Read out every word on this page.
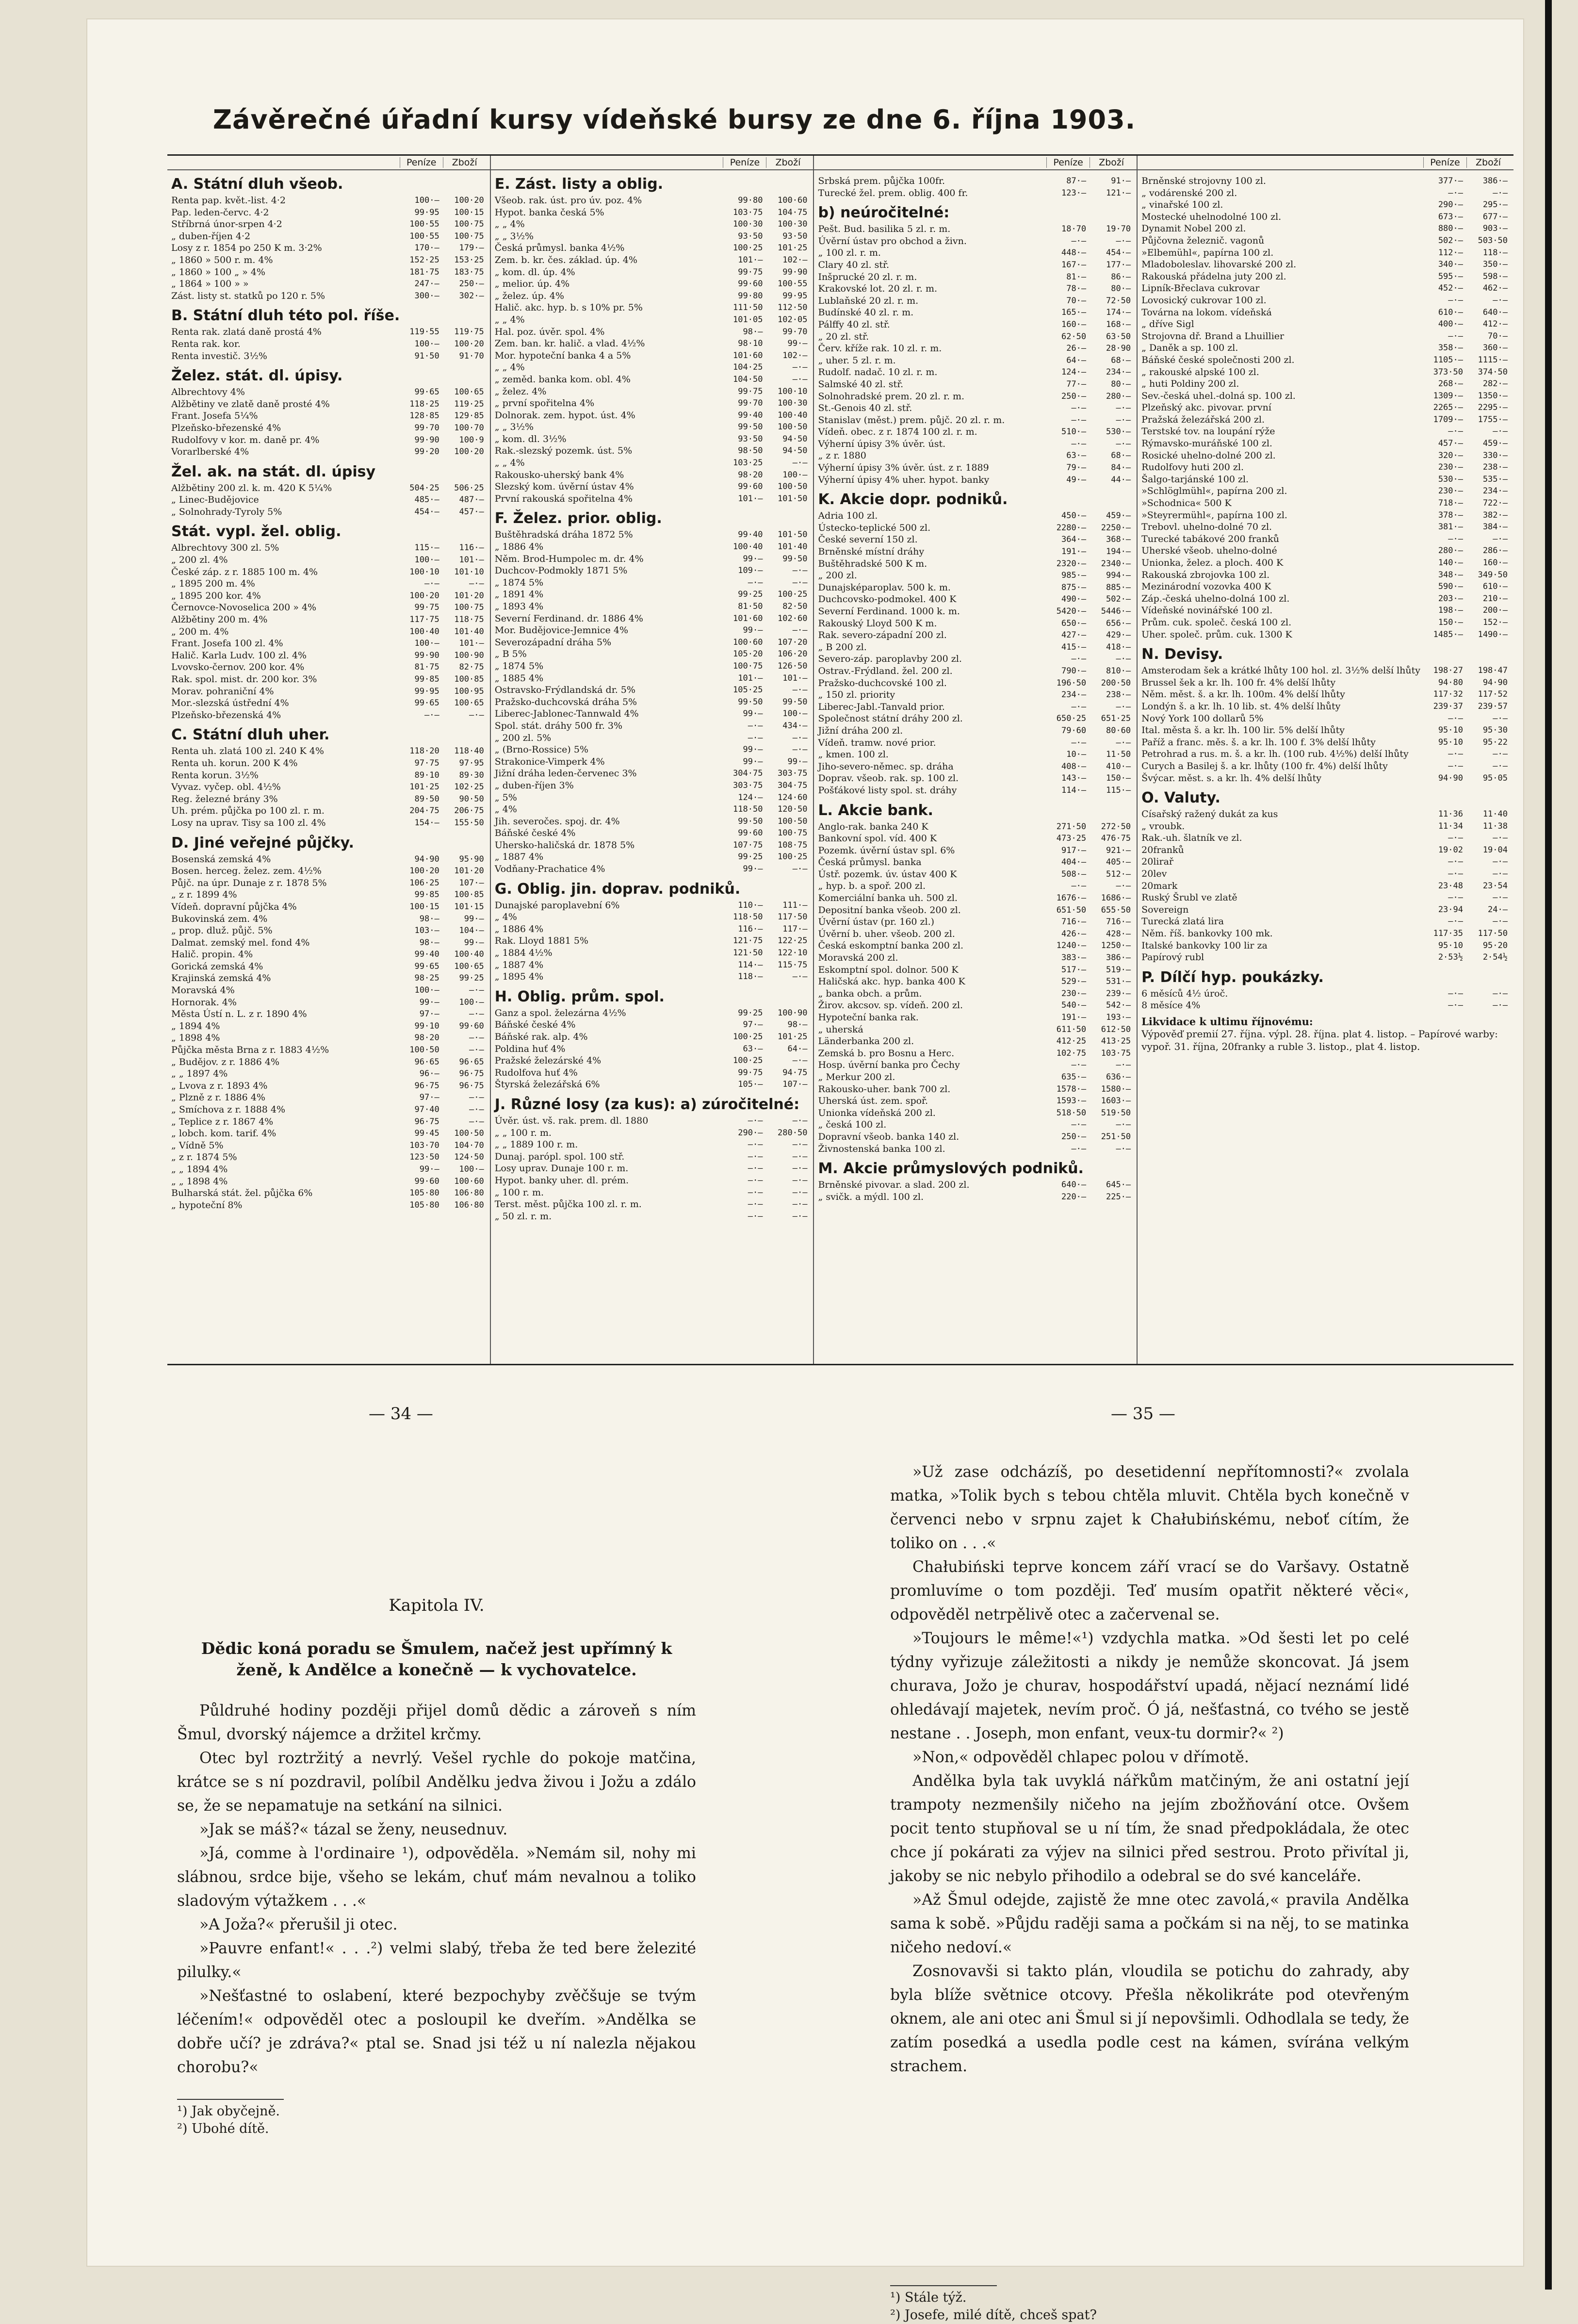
Závěrečné úřadní kursy vídeňské bursy ze dne 6. října 1903.
Peníze	Zboží
A. Státní dluh všeob.
Renta pap. květ.-list. 4·2	100·–	100·20
Pap. leden-červc. 4·2	99·95	100·15
Stříbrná únor-srpen 4·2	100·55	100·75
„ duben-říjen 4·2	100·55	100·75
Losy z r. 1854 po 250 K m. 3·2%	170·–	179·–
„ 1860 » 500 r. m. 4%	152·25	153·25
„ 1860 » 100 „ » 4%	181·75	183·75
„ 1864 » 100 » »	247·–	250·–
Zást. listy st. statků po 120 r. 5%	300·–	302·–
B. Státní dluh této pol. říše.
Renta rak. zlatá daně prostá 4%	119·55	119·75
Renta rak. kor.	100·–	100·20
Renta investič. 3½%	91·50	91·70
Želez. stát. dl. úpisy.
Albrechtovy 4%	99·65	100·65
Alžbětiny ve zlatě daně prosté 4%	118·25	119·25
Frant. Josefa 5¼%	128·85	129·85
Plzeňsko-březenské 4%	99·70	100·70
Rudolfovy v kor. m. daně pr. 4%	99·90	100·9
Vorarlberské 4%	99·20	100·20
Žel. ak. na stát. dl. úpisy
Alžbětiny 200 zl. k. m. 420 K 5¼%	504·25	506·25
„ Linec-Budějovice	485·–	487·–
„ Solnohrady-Tyroly 5%	454·–	457·–
Stát. vypl. žel. oblig.
Albrechtovy 300 zl. 5%	115·–	116·–
„ 200 zl. 4%	100·–	101·–
České záp. z r. 1885 100 m. 4%	100·10	101·10
„ 1895 200 m. 4%	–·–	–·–
„ 1895 200 kor. 4%	100·20	101·20
Černovce-Novoselica 200 » 4%	99·75	100·75
Alžbětiny 200 m. 4%	117·75	118·75
„ 200 m. 4%	100·40	101·40
Frant. Josefa 100 zl. 4%	100·–	101·–
Halič. Karla Ludv. 100 zl. 4%	99·90	100·90
Lvovsko-černov. 200 kor. 4%	81·75	82·75
Rak. spol. mist. dr. 200 kor. 3%	99·85	100·85
Morav. pohraniční 4%	99·95	100·95
Mor.-slezská ústřední 4%	99·65	100·65
Plzeňsko-březenská 4%	–·–	–·–
C. Státní dluh uher.
Renta uh. zlatá 100 zl. 240 K 4%	118·20	118·40
Renta uh. korun. 200 K 4%	97·75	97·95
Renta korun. 3½%	89·10	89·30
Vyvaz. vyčep. obl. 4½%	101·25	102·25
Reg. železné brány 3%	89·50	90·50
Uh. prém. půjčka po 100 zl. r. m.	204·75	206·75
Losy na uprav. Tisy sa 100 zl. 4%	154·–	155·50
D. Jiné veřejné půjčky.
Bosenská zemská 4%	94·90	95·90
Bosen. herceg. želez. zem. 4½%	100·20	101·20
Půjč. na úpr. Dunaje z r. 1878 5%	106·25	107·–
„ z r. 1899 4%	99·85	100·85
Vídeň. dopravní půjčka 4%	100·15	101·15
Bukovinská zem. 4%	98·–	99·–
„ prop. dluž. půjč. 5%	103·–	104·–
Dalmat. zemský mel. fond 4%	98·–	99·–
Halič. propin. 4%	99·40	100·40
Gorická zemská 4%	99·65	100·65
Krajinská zemská 4%	98·25	99·25
Moravská 4%	100·–	–·–
Hornorak. 4%	99·–	100·–
Města Ústí n. L. z r. 1890 4%	97·–	–·–
„ 1894 4%	99·10	99·60
„ 1898 4%	98·20	–·–
Půjčka města Brna z r. 1883 4½%	100·50	–·–
„ Budějov. z r. 1886 4%	96·65	96·65
„ „ 1897 4%	96·–	96·75
„ Lvova z r. 1893 4%	96·75	96·75
„ Plzně z r. 1886 4%	97·–	–·–
„ Smíchova z r. 1888 4%	97·40	–·–
„ Teplice z r. 1867 4%	96·75	–·–
„ lobch. kom. tarif. 4%	99·45	100·50
„ Vídně 5%	103·70	104·70
„ z r. 1874 5%	123·50	124·50
„ „ 1894 4%	99·–	100·–
„ „ 1898 4%	99·60	100·60
Bulharská stát. žel. půjčka 6%	105·80	106·80
„ hypoteční 8%	105·80	106·80
Peníze	Zboží
E. Zást. listy a oblig.
Všeob. rak. úst. pro úv. poz. 4%	99·80	100·60
Hypot. banka česká 5%	103·75	104·75
„ „ 4%	100·30	100·30
„ „ 3½%	93·50	93·50
Česká průmysl. banka 4½%	100·25	101·25
Zem. b. kr. čes. základ. úp. 4%	101·–	102·–
„ kom. dl. úp. 4%	99·75	99·90
„ melior. úp. 4%	99·60	100·55
„ želez. úp. 4%	99·80	99·95
Halič. akc. hyp. b. s 10% pr. 5%	111·50	112·50
„ „ 4%	101·05	102·05
Hal. poz. úvěr. spol. 4%	98·–	99·70
Zem. ban. kr. halič. a vlad. 4½%	98·10	99·–
Mor. hypoteční banka 4 a 5%	101·60	102·–
„ „ 4%	104·25	–·–
„ zeměd. banka kom. obl. 4%	104·50	–·–
„ želez. 4%	99·75	100·10
„ první spořitelna 4%	99·70	100·30
Dolnorak. zem. hypot. úst. 4%	99·40	100·40
„ „ 3½%	99·50	100·50
„ kom. dl. 3½%	93·50	94·50
Rak.-slezský pozemk. úst. 5%	98·50	94·50
„ „ 4%	103·25	–·–
Rakousko-uherský bank 4%	98·20	100·–
Slezský kom. úvěrní ústav 4%	99·60	100·50
První rakouská spořitelna 4%	101·–	101·50
F. Želez. prior. oblig.
Buštěhradská dráha 1872 5%	99·40	101·50
„ 1886 4%	100·40	101·40
Něm. Brod-Humpolec m. dr. 4%	99·–	99·50
Duchcov-Podmokly 1871 5%	109·–	–·–
„ 1874 5%	–·–	–·–
„ 1891 4%	99·25	100·25
„ 1893 4%	81·50	82·50
Severní Ferdinand. dr. 1886 4%	101·60	102·60
Mor. Budějovice-Jemnice 4%	99·–	–·–
Severozápadní dráha 5%	100·60	107·20
„ B 5%	105·20	106·20
„ 1874 5%	100·75	126·50
„ 1885 4%	101·–	101·–
Ostravsko-Frýdlandská dr. 5%	105·25	–·–
Pražsko-duchcovská dráha 5%	99·50	99·50
Liberec-Jablonec-Tannwald 4%	99·–	100·–
Spol. stát. dráhy 500 fr. 3%	–·–	434·–
„ 200 zl. 5%	–·–	–·–
„ (Brno-Rossice) 5%	99·–	–·–
Strakonice-Vimperk 4%	99·–	99·–
Jižní dráha leden-červenec 3%	304·75	303·75
„ duben-říjen 3%	303·75	304·75
„ 5%	124·–	124·60
„ 4%	118·50	120·50
Jih. severočes. spoj. dr. 4%	99·50	100·50
Báňské české 4%	99·60	100·75
Uhersko-haličská dr. 1878 5%	107·75	108·75
„ 1887 4%	99·25	100·25
Vodňany-Prachatice 4%	99·–	–·–
G. Oblig. jin. doprav. podniků.
Dunajské paroplavební 6%	110·–	111·–
„ 4%	118·50	117·50
„ 1886 4%	116·–	117·–
Rak. Lloyd 1881 5%	121·75	122·25
„ 1884 4½%	121·50	122·10
„ 1887 4%	114·–	115·75
„ 1895 4%	118·–	–·–
H. Oblig. prům. spol.
Ganz a spol. železárna 4½%	99·25	100·90
Báňské české 4%	97·–	98·–
Báňské rak. alp. 4%	100·25	101·25
Poldina huť 4%	63·–	64·–
Pražské železárské 4%	100·25	–·–
Rudolfova huť 4%	99·75	94·75
Štyrská železářská 6%	105·–	107·–
J. Různé losy (za kus): a) zúročitelné:
Úvěr. úst. vš. rak. prem. dl. 1880	–·–	–·–
„ „ 100 r. m.	290·–	280·50
„ „ 1889 100 r. m.	–·–	–·–
Dunaj. parópl. spol. 100 stř.	–·–	–·–
Losy uprav. Dunaje 100 r. m.	–·–	–·–
Hypot. banky uher. dl. prém.	–·–	–·–
„ 100 r. m.	–·–	–·–
Terst. měst. půjčka 100 zl. r. m.	–·–	–·–
„ 50 zl. r. m.	–·–	–·–
Peníze	Zboží
Srbská prem. půjčka 100fr.	87·–	91·–
Turecké žel. prem. oblig. 400 fr.	123·–	121·–
b) neúročitelné:
Pešt. Bud. basilika 5 zl. r. m.	18·70	19·70
Úvěrní ústav pro obchod a živn.	–·–	–·–
„ 100 zl. r. m.	448·–	454·–
Clary 40 zl. stř.	167·–	177·–
Inšprucké 20 zl. r. m.	81·–	86·–
Krakovské lot. 20 zl. r. m.	78·–	80·–
Lublaňské 20 zl. r. m.	70·–	72·50
Budínské 40 zl. r. m.	165·–	174·–
Pálffy 40 zl. stř.	160·–	168·–
„ 20 zl. stř.	62·50	63·50
Červ. kříže rak. 10 zl. r. m.	26·–	28·90
„ uher. 5 zl. r. m.	64·–	68·–
Rudolf. nadač. 10 zl. r. m.	124·–	234·–
Salmské 40 zl. stř.	77·–	80·–
Solnohradské prem. 20 zl. r. m.	250·–	280·–
St.-Genois 40 zl. stř.	–·–	–·–
Stanislav (měst.) prem. půjč. 20 zl. r. m.	–·–	–·–
Vídeň. obec. z r. 1874 100 zl. r. m.	510·–	530·–
Výherní úpisy 3% úvěr. úst.	–·–	–·–
„ z r. 1880	63·–	68·–
Výherní úpisy 3% úvěr. úst. z r. 1889	79·–	84·–
Výherní úpisy 4% uher. hypot. banky	49·–	44·–
K. Akcie dopr. podniků.
Adria 100 zl.	450·–	459·–
Ústecko-teplické 500 zl.	2280·–	2250·–
České severní 150 zl.	364·–	368·–
Brněnské místní dráhy	191·–	194·–
Buštěhradské 500 K m.	2320·–	2340·–
„ 200 zl.	985·–	994·–
Dunajsképaroplav. 500 k. m.	875·–	885·–
Duchcovsko-podmokel. 400 K	490·–	502·–
Severní Ferdinand. 1000 k. m.	5420·–	5446·–
Rakouský Lloyd 500 K m.	650·–	656·–
Rak. severo-západní 200 zl.	427·–	429·–
„ B 200 zl.	415·–	418·–
Severo-záp. paroplavby 200 zl.	–·–	–·–
Ostrav.-Frýdland. žel. 200 zl.	790·–	810·–
Pražsko-duchcovské 100 zl.	196·50	200·50
„ 150 zl. priority	234·–	238·–
Liberec-Jabl.-Tanvald prior.	–·–	–·–
Společnost státní dráhy 200 zl.	650·25	651·25
Jižní dráha 200 zl.	79·60	80·60
Vídeň. tramw. nové prior.	–·–	–·–
„ kmen. 100 zl.	10·–	11·50
Jiho-severo-němec. sp. dráha	408·–	410·–
Doprav. všeob. rak. sp. 100 zl.	143·–	150·–
Pošťákové listy spol. st. dráhy	114·–	115·–
L. Akcie bank.
Anglo-rak. banka 240 K	271·50	272·50
Bankovní spol. víd. 400 K	473·25	476·75
Pozemk. úvěrní ústav spl. 6%	917·–	921·–
Česká průmysl. banka	404·–	405·–
Ústř. pozemk. úv. ústav 400 K	508·–	512·–
„ hyp. b. a spoř. 200 zl.	–·–	–·–
Komerciální banka uh. 500 zl.	1676·–	1686·–
Depositní banka všeob. 200 zl.	651·50	655·50
Úvěrní ústav (pr. 160 zl.)	716·–	716·–
Úvěrní b. uher. všeob. 200 zl.	426·–	428·–
Česká eskomptní banka 200 zl.	1240·–	1250·–
Moravská 200 zl.	383·–	386·–
Eskomptní spol. dolnor. 500 K	517·–	519·–
Haličská akc. hyp. banka 400 K	529·–	531·–
„ banka obch. a prům.	230·–	239·–
Žirov. akcsov. sp. vídeň. 200 zl.	540·–	542·–
Hypoteční banka rak.	191·–	193·–
„ uherská	611·50	612·50
Länderbanka 200 zl.	412·25	413·25
Zemská b. pro Bosnu a Herc.	102·75	103·75
Hosp. úvěrní banka pro Čechy	–·–	–·–
„ Merkur 200 zl.	635·–	636·–
Rakousko-uher. bank 700 zl.	1578·–	1580·–
Uherská úst. zem. spoř.	1593·–	1603·–
Unionka vídeňská 200 zl.	518·50	519·50
„ česká 100 zl.	–·–	–·–
Dopravní všeob. banka 140 zl.	250·–	251·50
Živnostenská banka 100 zl.	–·–	–·–
M. Akcie průmyslových podniků.
Brněnské pivovar. a slad. 200 zl.	640·–	645·–
„ svičk. a mýdl. 100 zl.	220·–	225·–
Peníze	Zboží
Brněnské strojovny 100 zl.	377·–	386·–
„ vodárenské 200 zl.	–·–	–·–
„ vinařské 100 zl.	290·–	295·–
Mostecké uhelnodolné 100 zl.	673·–	677·–
Dynamit Nobel 200 zl.	880·–	903·–
Půjčovna železnič. vagonů	502·–	503·50
»Elbemühl«, papírna 100 zl.	112·–	118·–
Mladoboleslav. lihovarské 200 zl.	340·–	350·–
Rakouská přádelna juty 200 zl.	595·–	598·–
Lipník-Břeclava cukrovar	452·–	462·–
Lovosický cukrovar 100 zl.	–·–	–·–
Továrna na lokom. vídeňská	610·–	640·–
„ dříve Sigl	400·–	412·–
Strojovna dř. Brand a Lhuillier	–·–	70·–
„ Daněk a sp. 100 zl.	358·–	360·–
Báňské české společnosti 200 zl.	1105·–	1115·–
„ rakouské alpské 100 zl.	373·50	374·50
„ huti Poldiny 200 zl.	268·–	282·–
Sev.-česká uhel.-dolná sp. 100 zl.	1309·–	1350·–
Plzeňský akc. pivovar. první	2265·–	2295·–
Pražská železářská 200 zl.	1709·–	1755·–
Terstské tov. na loupání rýže	–·–	–·–
Rýmavsko-muráňské 100 zl.	457·–	459·–
Rosické uhelno-dolné 200 zl.	320·–	330·–
Rudolfovy huti 200 zl.	230·–	238·–
Šalgo-tarjánské 100 zl.	530·–	535·–
»Schlöglmühl«, papírna 200 zl.	230·–	234·–
»Schodnica« 500 K	718·–	722·–
»Steyrermühl«, papírna 100 zl.	378·–	382·–
Trebovl. uhelno-dolné 70 zl.	381·–	384·–
Turecké tabákové 200 franků	–·–	–·–
Uherské všeob. uhelno-dolné	280·–	286·–
Unionka, želez. a ploch. 400 K	140·–	160·–
Rakouská zbrojovka 100 zl.	348·–	349·50
Mezinárodní vozovka 400 K	590·–	610·–
Záp.-česká uhelno-dolná 100 zl.	203·–	210·–
Vídeňské novinářské 100 zl.	198·–	200·–
Prům. cuk. společ. česká 100 zl.	150·–	152·–
Uher. společ. prům. cuk. 1300 K	1485·–	1490·–
N. Devisy.
Amsterodam šek a krátké lhůty 100 hol. zl. 3½% delší lhůty	198·27	198·47
Brussel šek a kr. lh. 100 fr. 4% delší lhůty	94·80	94·90
Něm. měst. š. a kr. lh. 100m. 4% delší lhůty	117·32	117·52
Londýn š. a kr. lh. 10 lib. st. 4% delší lhůty	239·37	239·57
Nový York 100 dollarů 5%	–·–	–·–
Ital. města š. a kr. lh. 100 lir. 5% delší lhůty	95·10	95·30
Paříž a franc. měs. š. a kr. lh. 100 f. 3% delší lhůty	95·10	95·22
Petrohrad a rus. m. š. a kr. lh. (100 rub. 4½%) delší lhůty	–·–	–·–
Curych a Basilej š. a kr. lhůty (100 fr. 4%) delší lhůty	–·–	–·–
Švýcar. měst. s. a kr. lh. 4% delší lhůty	94·90	95·05
O. Valuty.
Císařský ražený dukát za kus	11·36	11·40
„ vroubk.	11·34	11·38
Rak.-uh. šlatník ve zl.	–·–	–·–
20franků	19·02	19·04
20lirař	–·–	–·–
20lev	–·–	–·–
20mark	23·48	23·54
Ruský Šrubl ve zlatě	–·–	–·–
Sovereign	23·94	24·–
Turecká zlatá lira	–·–	–·–
Něm. říš. bankovky 100 mk.	117·35	117·50
Italské bankovky 100 lir za	95·10	95·20
Papírový rubl	2·53½	2·54½
P. Dílčí hyp. poukázky.
6 měsíců 4½ úroč.	–·–	–·–
8 měsíce 4%	–·–	–·–
Likvidace k ultimu říjnovému:
Výpověď premií 27. října. výpl. 28. října. plat 4. listop. – Papírové warby: vypoř. 31. října, 20franky a ruble 3. listop., plat 4. listop.
— 34 —	— 35 —

Kapitola IV.

Dědic koná poradu se Šmulem, načež jest upřímný k ženě, k Andělce a konečně — k vychovatelce.

Půldruhé hodiny později přijel domů dědic a zároveň s ním Šmul, dvorský nájemce a držitel krčmy.

Otec byl roztržitý a nevrlý. Vešel rychle do pokoje matčina, krátce se s ní pozdravil, políbil Andělku jedva živou i Jožu a zdálo se, že se nepamatuje na setkání na silnici.

»Jak se máš?« tázal se ženy, neusednuv.

»Já, comme à l'ordinaire ¹), odpověděla. »Nemám sil, nohy mi slábnou, srdce bije, všeho se lekám, chuť mám nevalnou a toliko sladovým výtažkem . . .«

»A Joža?« přerušil ji otec.

»Pauvre enfant!« . . .²) velmi slabý, třeba že ted bere železité pilulky.«

»Nešťastné to oslabení, které bezpochyby zvěčšuje se tvým léčením!« odpověděl otec a posloupil ke dveřím. »Andělka se dobře učí? je zdráva?« ptal se. Snad jsi též u ní nalezla nějakou chorobu?«

¹) Jak obyčejně.
²) Ubohé dítě.

»Už zase odcházíš, po desetidenní nepřítomnosti?« zvolala matka, »Tolik bych s tebou chtěla mluvit. Chtěla bych konečně v červenci nebo v srpnu zajet k Chałubińskému, neboť cítím, že toliko on . . .«

Chałubiński teprve koncem září vrací se do Varšavy. Ostatně promluvíme o tom později. Teď musím opatřit některé věci«, odpověděl netrpělivě otec a začervenal se.

»Toujours le même!«¹) vzdychla matka. »Od šesti let po celé týdny vyřizuje záležitosti a nikdy je nemůže skoncovat. Já jsem churava, Jožo je churav, hospodářství upadá, nějací neznámí lidé ohledávají majetek, nevím proč. Ó já, nešťastná, co tvého se jestě nestane . . Joseph, mon enfant, veux-tu dormir?« ²)

»Non,« odpověděl chlapec polou v dřímotě.

Andělka byla tak uvyklá nářkům matčiným, že ani ostatní její trampoty nezmenšily ničeho na jejím zbožňování otce. Ovšem pocit tento stupňoval se u ní tím, že snad předpokládala, že otec chce jí pokárati za výjev na silnici před sestrou. Proto přivítal ji, jakoby se nic nebylo přihodilo a odebral se do své kanceláře.

»Až Šmul odejde, zajistě že mne otec zavolá,« pravila Andělka sama k sobě. »Půjdu raději sama a počkám si na něj, to se matinka ničeho nedoví.«

Zosnovavši si takto plán, vloudila se potichu do zahrady, aby byla blíže světnice otcovy. Přešla několikráte pod otevřeným oknem, ale ani otec ani Šmul si jí nepovšimli. Odhodlala se tedy, že zatím posedká a usedla podle cest na kámen, svírána velkým strachem.

¹) Stále týž.
²) Josefe, milé dítě, chceš spat?
